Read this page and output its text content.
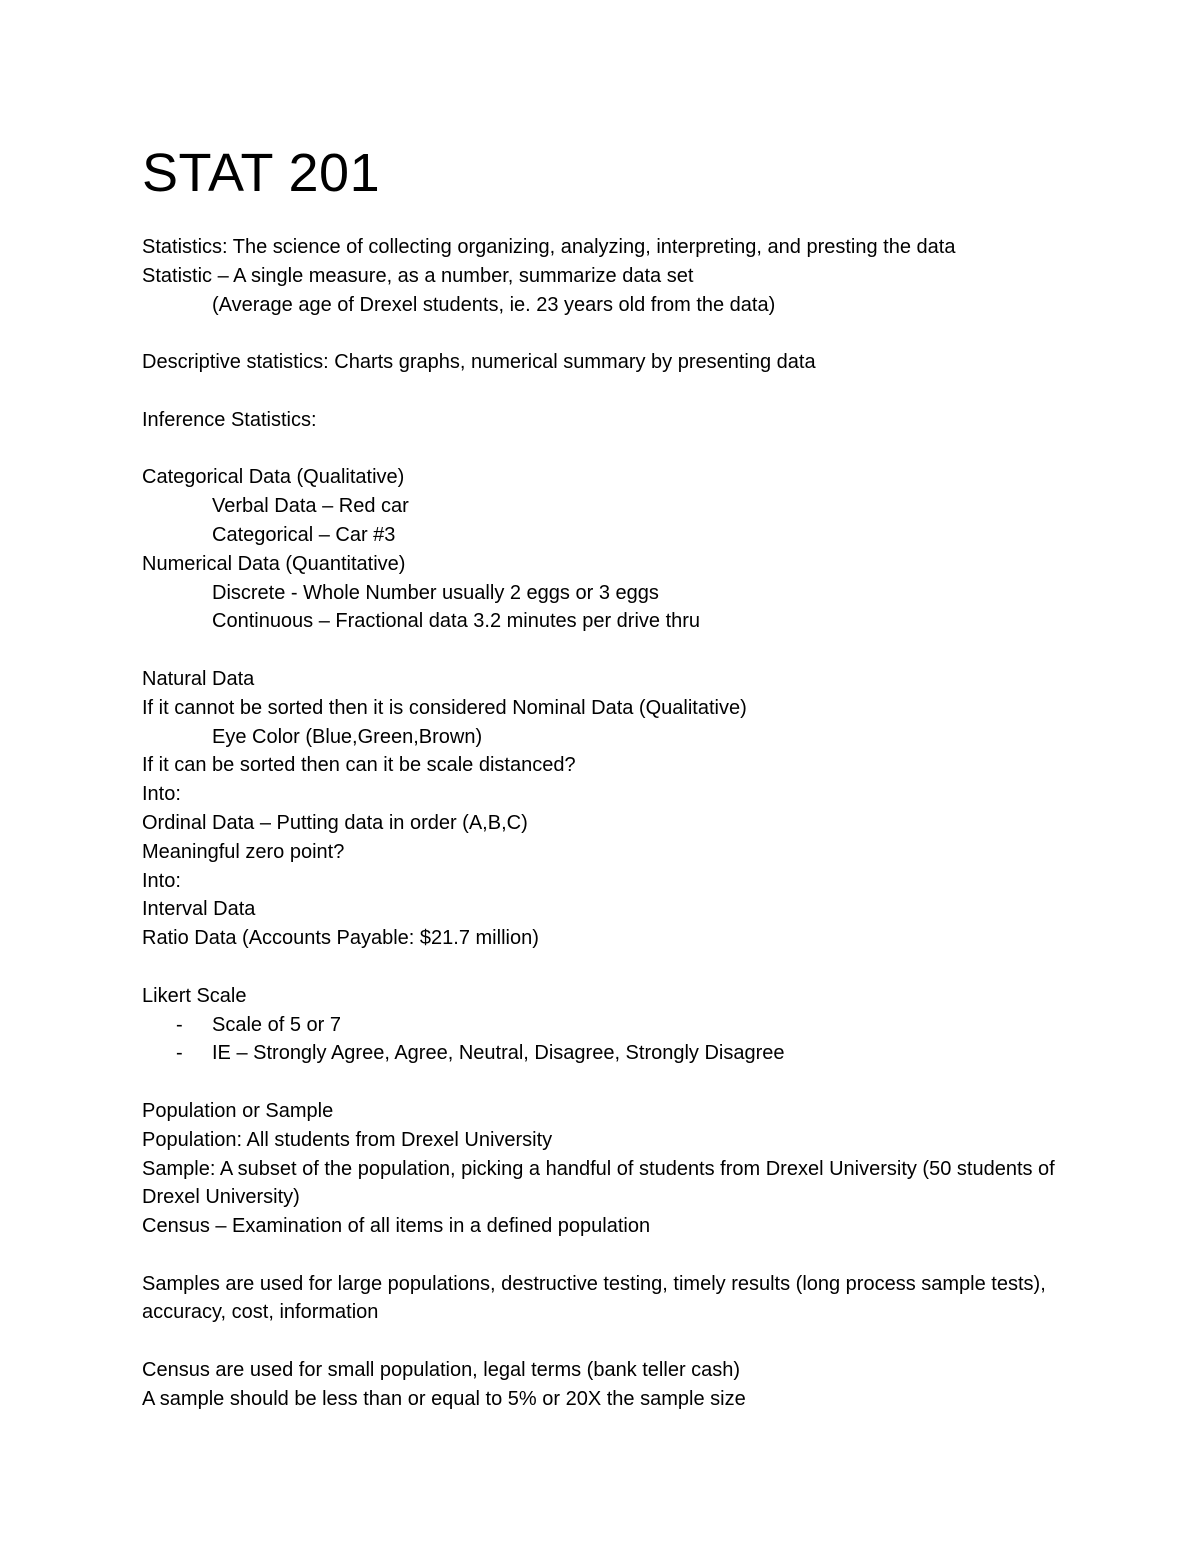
STAT 201
Statistics: The science of collecting organizing, analyzing, interpreting, and presting the data
Statistic – A single measure, as a number, summarize data set
(Average age of Drexel students, ie. 23 years old from the data)
Descriptive statistics: Charts graphs, numerical summary by presenting data
Inference Statistics:
Categorical Data (Qualitative)
Verbal Data – Red car
Categorical – Car #3
Numerical Data (Quantitative)
Discrete - Whole Number usually 2 eggs or 3 eggs
Continuous – Fractional data 3.2 minutes per drive thru
Natural Data
If it cannot be sorted then it is considered Nominal Data (Qualitative)
Eye Color (Blue,Green,Brown)
If it can be sorted then can it be scale distanced?
Into:
Ordinal Data – Putting data in order (A,B,C)
Meaningful zero point?
Into:
Interval Data
Ratio Data (Accounts Payable: $21.7 million)
Likert Scale
-	Scale of 5 or 7
-	IE – Strongly Agree, Agree, Neutral, Disagree, Strongly Disagree
Population or Sample
Population: All students from Drexel University
Sample: A subset of the population, picking a handful of students from Drexel University (50 students of Drexel University)
Census – Examination of all items in a defined population
Samples are used for large populations, destructive testing, timely results (long process sample tests), accuracy, cost, information
Census are used for small population, legal terms (bank teller cash)
A sample should be less than or equal to 5% or 20X the sample size
